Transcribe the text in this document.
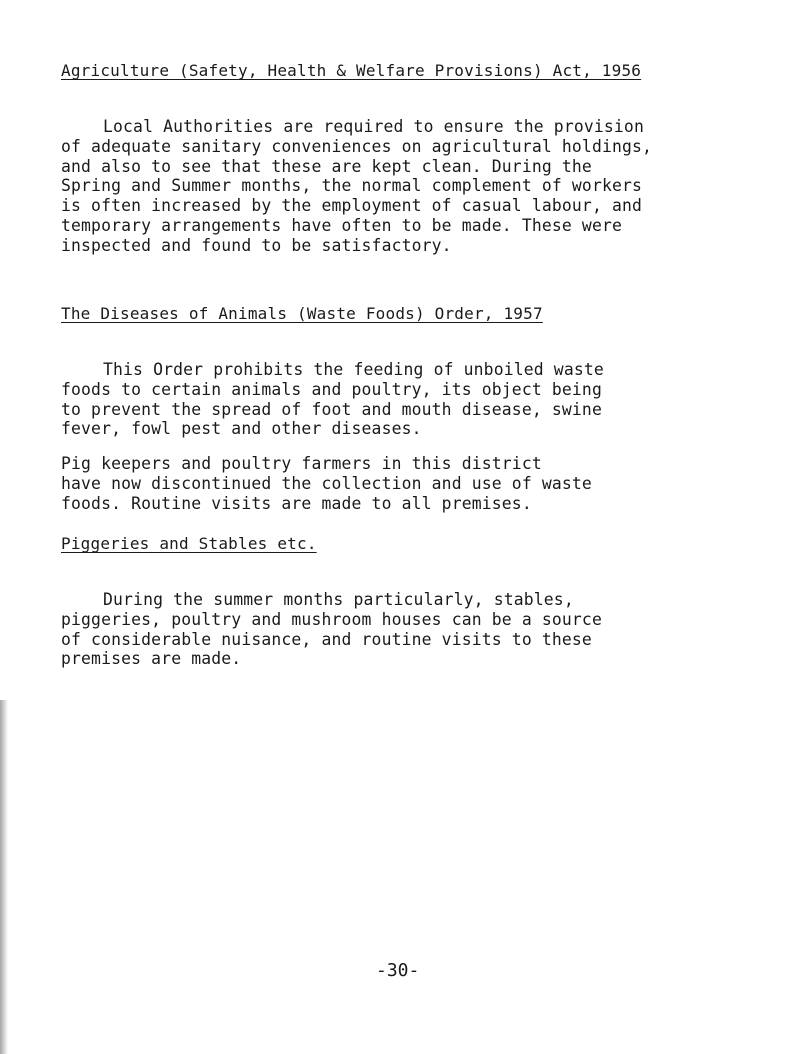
Agriculture (Safety, Health & Welfare Provisions) Act, 1956
Local Authorities are required to ensure the provision
of adequate sanitary conveniences on agricultural holdings,
and also to see that these are kept clean. During the
Spring and Summer months, the normal complement of workers
is often increased by the employment of casual labour, and
temporary arrangements have often to be made. These were
inspected and found to be satisfactory.
The Diseases of Animals (Waste Foods) Order, 1957
This Order prohibits the feeding of unboiled waste
foods to certain animals and poultry, its object being
to prevent the spread of foot and mouth disease, swine
fever, fowl pest and other diseases.
Pig keepers and poultry farmers in this district
have now discontinued the collection and use of waste
foods. Routine visits are made to all premises.
Piggeries and Stables etc.
During the summer months particularly, stables,
piggeries, poultry and mushroom houses can be a source
of considerable nuisance, and routine visits to these
premises are made.
-30-
